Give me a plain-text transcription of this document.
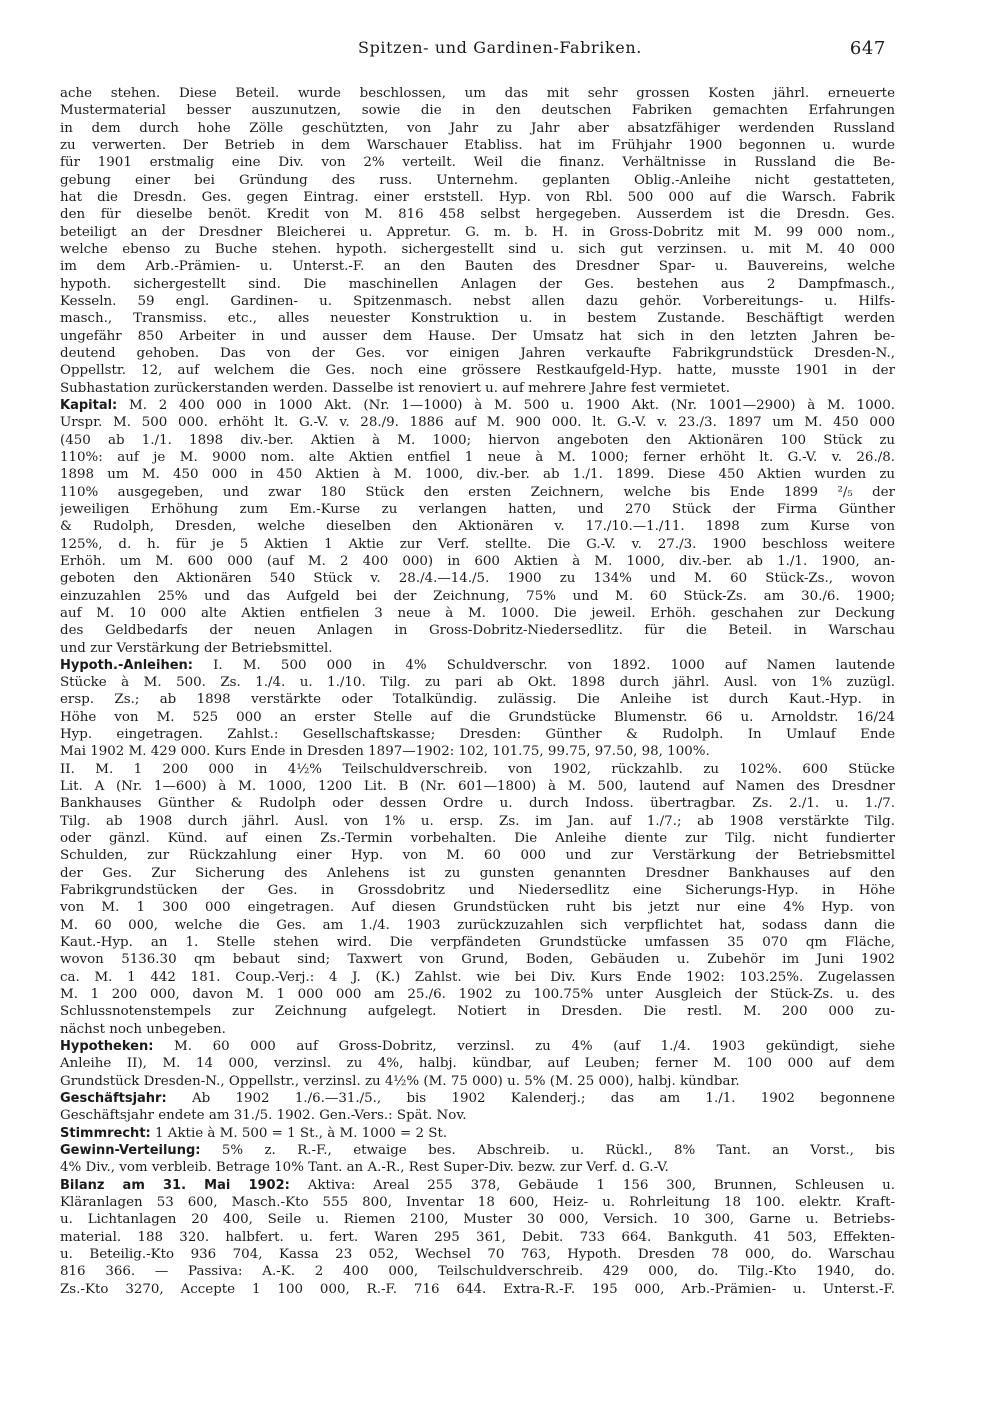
Spitzen- und Gardinen-Fabriken.	647
ache stehen. Diese Beteil. wurde beschlossen, um das mit sehr grossen Kosten jährl. erneuerte
Mustermaterial besser auszunutzen, sowie die in den deutschen Fabriken gemachten Erfahrungen
in dem durch hohe Zölle geschützten, von Jahr zu Jahr aber absatzfähiger werdenden Russland
zu verwerten. Der Betrieb in dem Warschauer Etabliss. hat im Frühjahr 1900 begonnen u. wurde
für 1901 erstmalig eine Div. von 2% verteilt. Weil die finanz. Verhältnisse in Russland die Be-
gebung einer bei Gründung des russ. Unternehm. geplanten Oblig.-Anleihe nicht gestatteten,
hat die Dresdn. Ges. gegen Eintrag. einer erststell. Hyp. von Rbl. 500 000 auf die Warsch. Fabrik
den für dieselbe benöt. Kredit von M. 816 458 selbst hergegeben. Ausserdem ist die Dresdn. Ges.
beteiligt an der Dresdner Bleicherei u. Appretur. G. m. b. H. in Gross-Dobritz mit M. 99 000 nom.,
welche ebenso zu Buche stehen. hypoth. sichergestellt sind u. sich gut verzinsen. u. mit M. 40 000
im dem Arb.-Prämien- u. Unterst.-F. an den Bauten des Dresdner Spar- u. Bauvereins, welche
hypoth. sichergestellt sind. Die maschinellen Anlagen der Ges. bestehen aus 2 Dampfmasch.,
Kesseln. 59 engl. Gardinen- u. Spitzenmasch. nebst allen dazu gehör. Vorbereitungs- u. Hilfs-
masch., Transmiss. etc., alles neuester Konstruktion u. in bestem Zustande. Beschäftigt werden
ungefähr 850 Arbeiter in und ausser dem Hause. Der Umsatz hat sich in den letzten Jahren be-
deutend gehoben. Das von der Ges. vor einigen Jahren verkaufte Fabrikgrundstück Dresden-N.,
Oppellstr. 12, auf welchem die Ges. noch eine grössere Restkaufgeld-Hyp. hatte, musste 1901 in der
Subhastation zurückerstanden werden. Dasselbe ist renoviert u. auf mehrere Jahre fest vermietet.
Kapital: M. 2 400 000 in 1000 Akt. (Nr. 1—1000) à M. 500 u. 1900 Akt. (Nr. 1001—2900) à M. 1000.
Urspr. M. 500 000. erhöht lt. G.-V. v. 28./9. 1886 auf M. 900 000. lt. G.-V. v. 23./3. 1897 um M. 450 000
(450 ab 1./1. 1898 div.-ber. Aktien à M. 1000; hiervon angeboten den Aktionären 100 Stück zu
110%: auf je M. 9000 nom. alte Aktien entfiel 1 neue à M. 1000; ferner erhöht lt. G.-V. v. 26./8.
1898 um M. 450 000 in 450 Aktien à M. 1000, div.-ber. ab 1./1. 1899. Diese 450 Aktien wurden zu
110% ausgegeben, und zwar 180 Stück den ersten Zeichnern, welche bis Ende 1899 ²/₅ der
jeweiligen Erhöhung zum Em.-Kurse zu verlangen hatten, und 270 Stück der Firma Günther
& Rudolph, Dresden, welche dieselben den Aktionären v. 17./10.—1./11. 1898 zum Kurse von
125%, d. h. für je 5 Aktien 1 Aktie zur Verf. stellte. Die G.-V. v. 27./3. 1900 beschloss weitere
Erhöh. um M. 600 000 (auf M. 2 400 000) in 600 Aktien à M. 1000, div.-ber. ab 1./1. 1900, an-
geboten den Aktionären 540 Stück v. 28./4.—14./5. 1900 zu 134% und M. 60 Stück-Zs., wovon
einzuzahlen 25% und das Aufgeld bei der Zeichnung, 75% und M. 60 Stück-Zs. am 30./6. 1900;
auf M. 10 000 alte Aktien entfielen 3 neue à M. 1000. Die jeweil. Erhöh. geschahen zur Deckung
des Geldbedarfs der neuen Anlagen in Gross-Dobritz-Niedersedlitz. für die Beteil. in Warschau
und zur Verstärkung der Betriebsmittel.
Hypoth.-Anleihen: I. M. 500 000 in 4% Schuldverschr. von 1892. 1000 auf Namen lautende
Stücke à M. 500. Zs. 1./4. u. 1./10. Tilg. zu pari ab Okt. 1898 durch jährl. Ausl. von 1% zuzügl.
ersp. Zs.; ab 1898 verstärkte oder Totalkündig. zulässig. Die Anleihe ist durch Kaut.-Hyp. in
Höhe von M. 525 000 an erster Stelle auf die Grundstücke Blumenstr. 66 u. Arnoldstr. 16/24
Hyp. eingetragen. Zahlst.: Gesellschaftskasse; Dresden: Günther & Rudolph. In Umlauf Ende
Mai 1902 M. 429 000. Kurs Ende in Dresden 1897—1902: 102, 101.75, 99.75, 97.50, 98, 100%.
II. M. 1 200 000 in 4½% Teilschuldverschreib. von 1902, rückzahlb. zu 102%. 600 Stücke
Lit. A (Nr. 1—600) à M. 1000, 1200 Lit. B (Nr. 601—1800) à M. 500, lautend auf Namen des Dresdner
Bankhauses Günther & Rudolph oder dessen Ordre u. durch Indoss. übertragbar. Zs. 2./1. u. 1./7.
Tilg. ab 1908 durch jährl. Ausl. von 1% u. ersp. Zs. im Jan. auf 1./7.; ab 1908 verstärkte Tilg.
oder gänzl. Künd. auf einen Zs.-Termin vorbehalten. Die Anleihe diente zur Tilg. nicht fundierter
Schulden, zur Rückzahlung einer Hyp. von M. 60 000 und zur Verstärkung der Betriebsmittel
der Ges. Zur Sicherung des Anlehens ist zu gunsten genannten Dresdner Bankhauses auf den
Fabrikgrundstücken der Ges. in Grossdobritz und Niedersedlitz eine Sicherungs-Hyp. in Höhe
von M. 1 300 000 eingetragen. Auf diesen Grundstücken ruht bis jetzt nur eine 4% Hyp. von
M. 60 000, welche die Ges. am 1./4. 1903 zurückzuzahlen sich verpflichtet hat, sodass dann die
Kaut.-Hyp. an 1. Stelle stehen wird. Die verpfändeten Grundstücke umfassen 35 070 qm Fläche,
wovon 5136.30 qm bebaut sind; Taxwert von Grund, Boden, Gebäuden u. Zubehör im Juni 1902
ca. M. 1 442 181. Coup.-Verj.: 4 J. (K.) Zahlst. wie bei Div. Kurs Ende 1902: 103.25%. Zugelassen
M. 1 200 000, davon M. 1 000 000 am 25./6. 1902 zu 100.75% unter Ausgleich der Stück-Zs. u. des
Schlussnotenstempels zur Zeichnung aufgelegt. Notiert in Dresden. Die restl. M. 200 000 zu-
nächst noch unbegeben.
Hypotheken: M. 60 000 auf Gross-Dobritz, verzinsl. zu 4% (auf 1./4. 1903 gekündigt, siehe
Anleihe II), M. 14 000, verzinsl. zu 4%, halbj. kündbar, auf Leuben; ferner M. 100 000 auf dem
Grundstück Dresden-N., Oppellstr., verzinsl. zu 4½% (M. 75 000) u. 5% (M. 25 000), halbj. kündbar.
Geschäftsjahr: Ab 1902 1./6.—31./5., bis 1902 Kalenderj.; das am 1./1. 1902 begonnene
Geschäftsjahr endete am 31./5. 1902. Gen.-Vers.: Spät. Nov.
Stimmrecht: 1 Aktie à M. 500 = 1 St., à M. 1000 = 2 St.
Gewinn-Verteilung: 5% z. R.-F., etwaige bes. Abschreib. u. Rückl., 8% Tant. an Vorst., bis
4% Div., vom verbleib. Betrage 10% Tant. an A.-R., Rest Super-Div. bezw. zur Verf. d. G.-V.
Bilanz am 31. Mai 1902: Aktiva: Areal 255 378, Gebäude 1 156 300, Brunnen, Schleusen u.
Kläranlagen 53 600, Masch.-Kto 555 800, Inventar 18 600, Heiz- u. Rohrleitung 18 100. elektr. Kraft-
u. Lichtanlagen 20 400, Seile u. Riemen 2100, Muster 30 000, Versich. 10 300, Garne u. Betriebs-
material. 188 320. halbfert. u. fert. Waren 295 361, Debit. 733 664. Bankguth. 41 503, Effekten-
u. Beteilig.-Kto 936 704, Kassa 23 052, Wechsel 70 763, Hypoth. Dresden 78 000, do. Warschau
816 366. — Passiva: A.-K. 2 400 000, Teilschuldverschreib. 429 000, do. Tilg.-Kto 1940, do.
Zs.-Kto 3270, Accepte 1 100 000, R.-F. 716 644. Extra-R.-F. 195 000, Arb.-Prämien- u. Unterst.-F.
